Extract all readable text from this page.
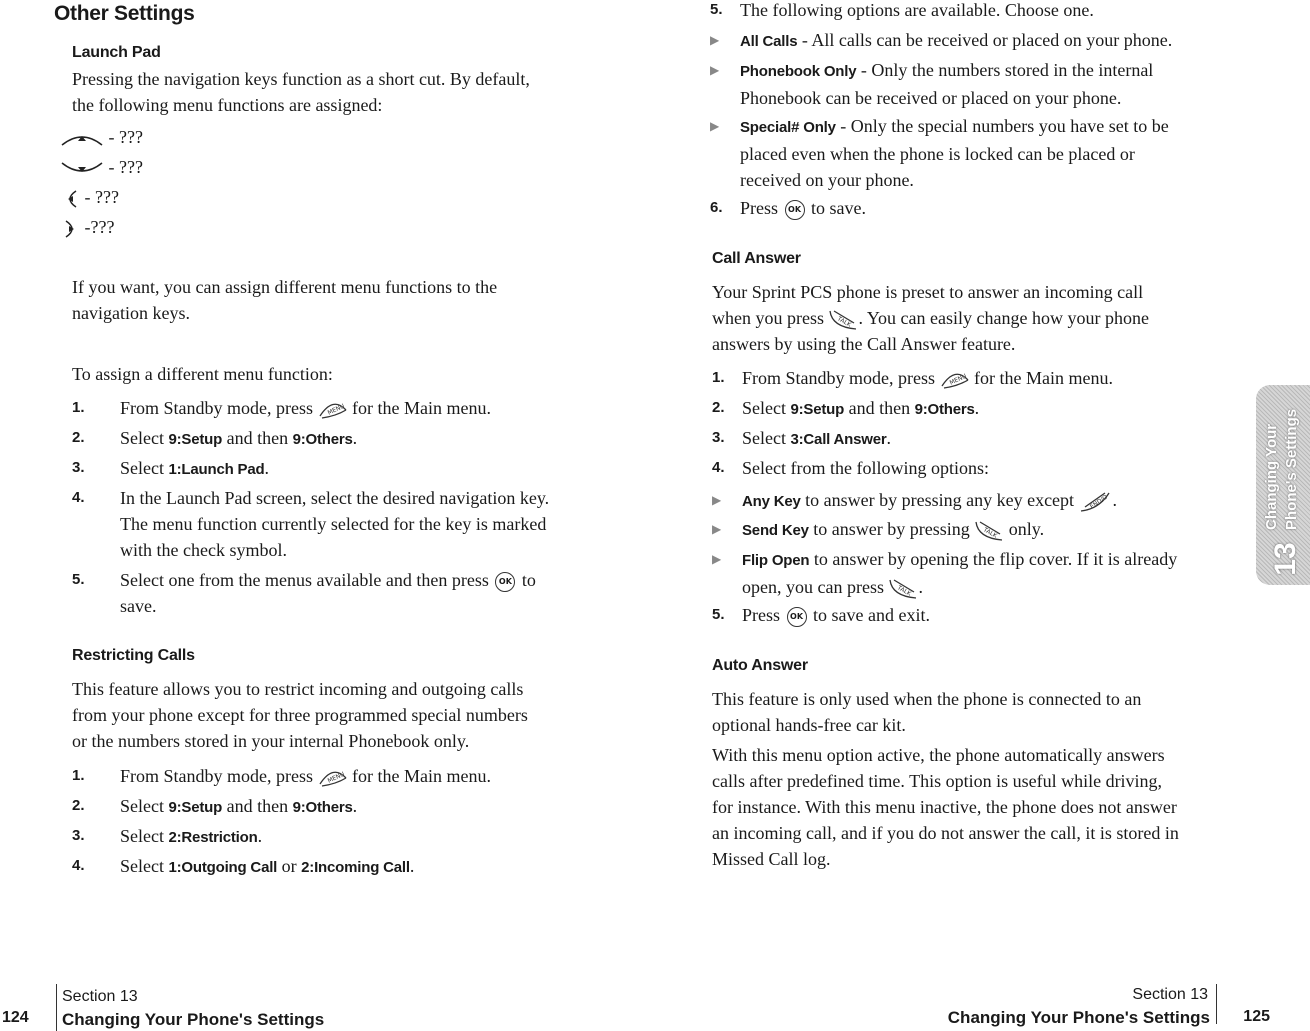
Other Settings
Launch Pad

Pressing the navigation keys function as a short cut. By default,

the following menu functions are assigned:

- ???
- ???
- ???
-???

If you want, you can assign different menu functions to the

navigation keys.

To assign a different menu function:

1. From Standby mode, press MENU for the Main menu.
2. Select 9:Setup and then 9:Others.
3. Select 1:Launch Pad.
4. In the Launch Pad screen, select the desired navigation key.
The menu function currently selected for the key is marked
with the check symbol.
5. Select one from the menus available and then press OK to
save.
Restricting Calls

This feature allows you to restrict incoming and outgoing calls

from your phone except for three programmed special numbers

or the numbers stored in your internal Phonebook only.

1. From Standby mode, press MENU for the Main menu.
2. Select 9:Setup and then 9:Others.
3. Select 2:Restriction.
4. Select 1:Outgoing Call or 2:Incoming Call.
5. The following options are available. Choose one.
▶ All Calls - All calls can be received or placed on your phone.
▶ Phonebook Only - Only the numbers stored in the internal
Phonebook can be received or placed on your phone.
▶ Special# Only - Only the special numbers you have set to be
placed even when the phone is locked can be placed or
received on your phone.
6. Press OK to save.
Call Answer

Your Sprint PCS phone is preset to answer an incoming call

when you press TALK . You can easily change how your phone

answers by using the Call Answer feature.

1. From Standby mode, press MENU for the Main menu.
2. Select 9:Setup and then 9:Others.
3. Select 3:Call Answer.
4. Select from the following options:
▶ Any Key to answer by pressing any key except END/O .
▶ Send Key to answer by pressing TALK only.
▶ Flip Open to answer by opening the flip cover. If it is already
open, you can press TALK .
5. Press OK to save and exit.
Auto Answer

This feature is only used when the phone is connected to an

optional hands-free car kit.

With this menu option active, the phone automatically answers

calls after predefined time. This option is useful while driving,

for instance. With this menu inactive, the phone does not answer

an incoming call, and if you do not answer the call, it is stored in

Missed Call log.

Changing Your Phone's Settings
13
124
Section 13
Changing Your Phone's Settings
Section 13
Changing Your Phone's Settings 125
